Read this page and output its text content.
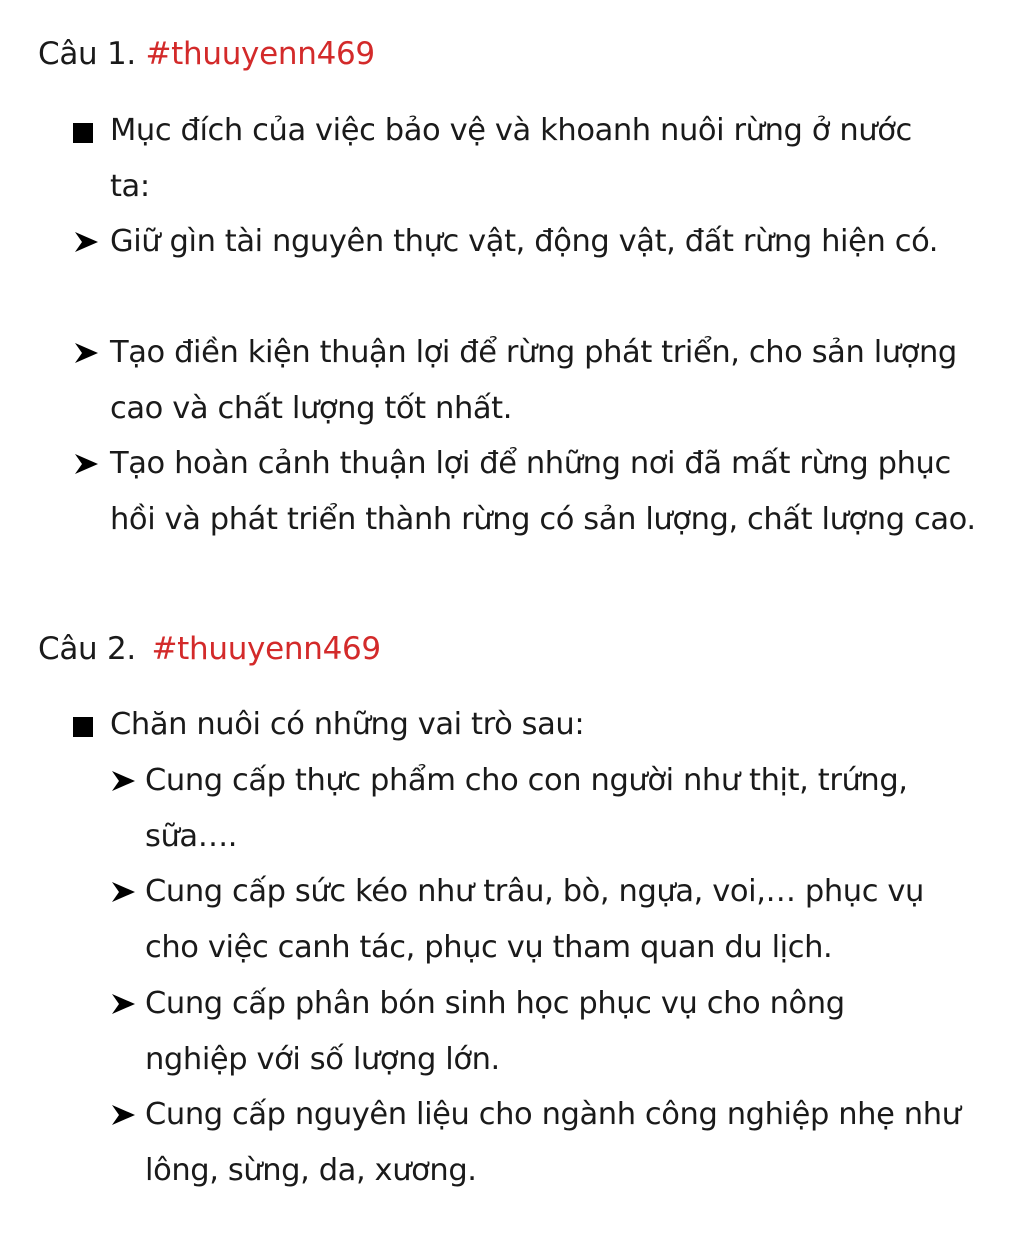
Câu 1. #thuuyenn469
Mục đích của việc bảo vệ và khoanh nuôi rừng ở nước ta:
Giữ gìn tài nguyên thực vật, động vật, đất rừng hiện có.
Tạo điền kiện thuận lợi để rừng phát triển, cho sản lượng cao và chất lượng tốt nhất.
Tạo hoàn cảnh thuận lợi để những nơi đã mất rừng phục hồi và phát triển thành rừng có sản lượng, chất lượng cao.
Câu 2. #thuuyenn469
Chăn nuôi có những vai trò sau:
Cung cấp thực phẩm cho con người như thịt, trứng, sữa….
Cung cấp sức kéo như trâu, bò, ngựa, voi,… phục vụ cho việc canh tác, phục vụ tham quan du lịch.
Cung cấp phân bón sinh học phục vụ cho nông nghiệp với số lượng lớn.
Cung cấp nguyên liệu cho ngành công nghiệp nhẹ như lông, sừng, da, xương.
